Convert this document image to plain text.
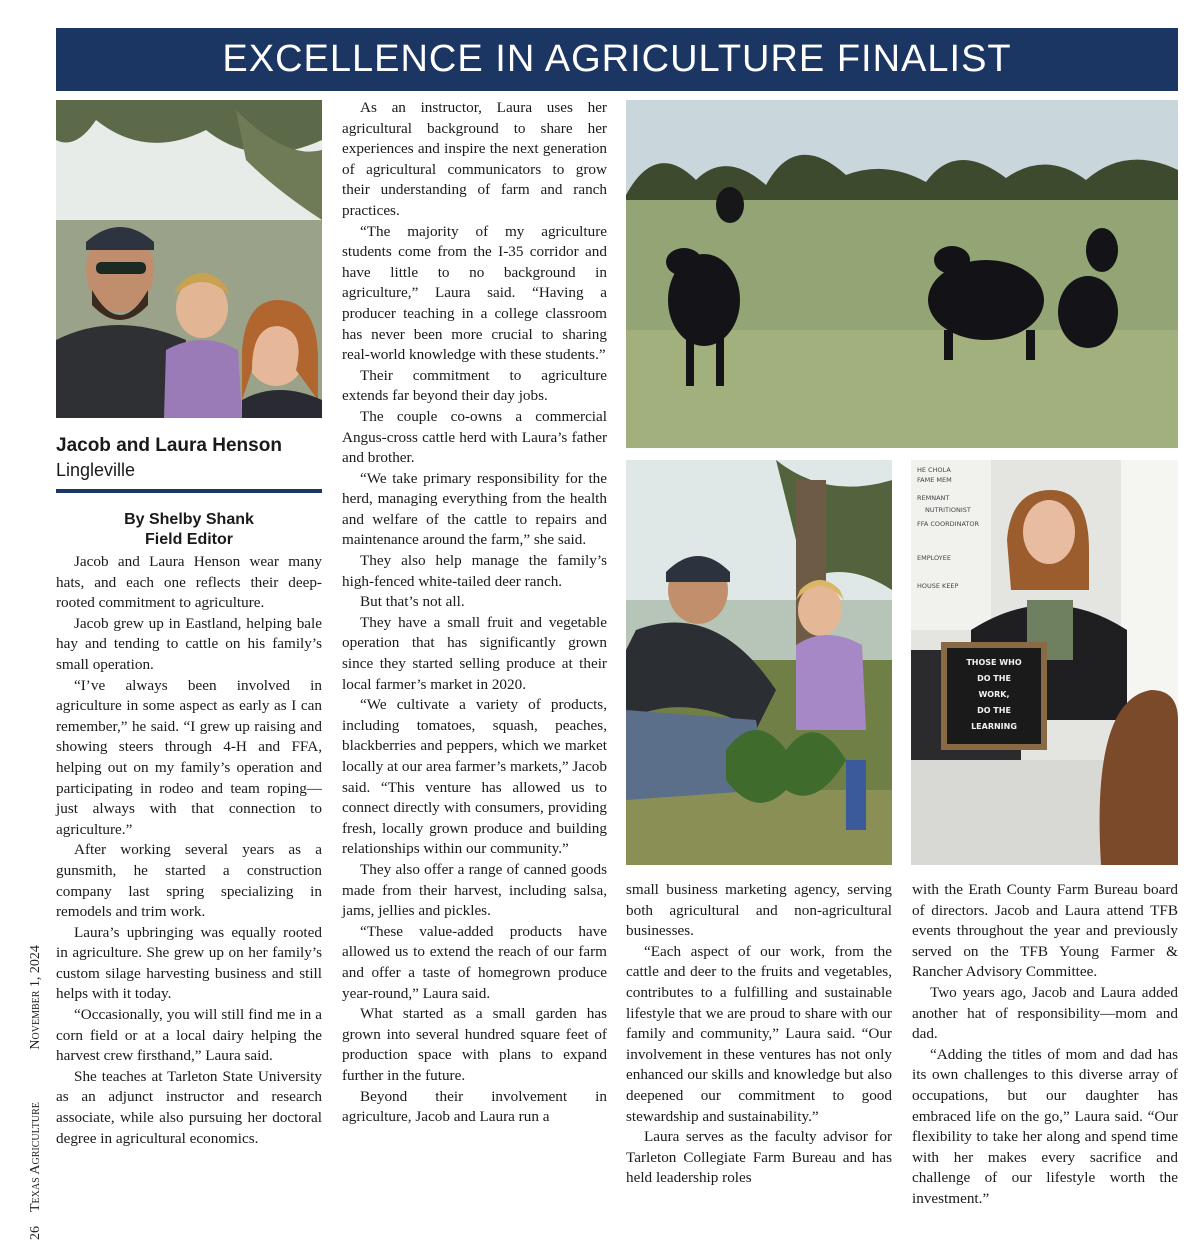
EXCELLENCE IN AGRICULTURE FINALIST
Jacob and Laura Henson
Lingleville
By Shelby Shank
Field Editor

Jacob and Laura Henson wear many hats, and each one reflects their deep-rooted commitment to agriculture.

Jacob grew up in Eastland, helping bale hay and tending to cattle on his family’s small operation.

“I’ve always been involved in agriculture in some aspect as early as I can remember,” he said. “I grew up raising and showing steers through 4-H and FFA, helping out on my family’s operation and participating in rodeo and team roping—just always with that connection to agriculture.”

After working several years as a gunsmith, he started a construction company last spring specializing in remodels and trim work.

Laura’s upbringing was equally rooted in agriculture. She grew up on her family’s custom silage harvesting business and still helps with it today.

“Occasionally, you will still find me in a corn field or at a local dairy helping the harvest crew firsthand,” Laura said.

She teaches at Tarleton State University as an adjunct instructor and research associate, while also pursuing her doctoral degree in agricultural economics.

As an instructor, Laura uses her agricultural background to share her experiences and inspire the next generation of agricultural communicators to grow their understanding of farm and ranch practices.

“The majority of my agriculture students come from the I-35 corridor and have little to no background in agriculture,” Laura said. “Having a producer teaching in a college classroom has never been more crucial to sharing real-world knowledge with these students.”

Their commitment to agriculture extends far beyond their day jobs.

The couple co-owns a commercial Angus-cross cattle herd with Laura’s father and brother.

“We take primary responsibility for the herd, managing everything from the health and welfare of the cattle to repairs and maintenance around the farm,” she said.

They also help manage the family’s high-fenced white-tailed deer ranch.

But that’s not all.

They have a small fruit and vegetable operation that has significantly grown since they started selling produce at their local farmer’s market in 2020.

“We cultivate a variety of products, including tomatoes, squash, peaches, blackberries and peppers, which we market locally at our area farmer’s markets,” Jacob said. “This venture has allowed us to connect directly with consumers, providing fresh, locally grown produce and building relationships within our community.”

They also offer a range of canned goods made from their harvest, including salsa, jams, jellies and pickles.

“These value-added products have allowed us to extend the reach of our farm and offer a taste of homegrown produce year-round,” Laura said.

What started as a small garden has grown into several hundred square feet of production space with plans to expand further in the future.

Beyond their involvement in agriculture, Jacob and Laura run a

HE CHOLA
FAME MEM
REMNANT
NUTRITIONIST
FFA COORDINATOR
EMPLOYEE
HOUSE KEEP
THOSE WHO
DO THE
WORK,
DO THE
LEARNING

small business marketing agency, serving both agricultural and non-agricultural businesses.

“Each aspect of our work, from the cattle and deer to the fruits and vegetables, contributes to a fulfilling and sustainable lifestyle that we are proud to share with our family and community,” Laura said. “Our involvement in these ventures has not only enhanced our skills and knowledge but also deepened our commitment to good stewardship and sustainability.”

Laura serves as the faculty advisor for Tarleton Collegiate Farm Bureau and has held leadership roles

with the Erath County Farm Bureau board of directors. Jacob and Laura attend TFB events throughout the year and previously served on the TFB Young Farmer & Rancher Advisory Committee.

Two years ago, Jacob and Laura added another hat of responsibility—mom and dad.

“Adding the titles of mom and dad has its own challenges to this diverse array of occupations, but our daughter has embraced life on the go,” Laura said. “Our flexibility to take her along and spend time with her makes every sacrifice and challenge of our lifestyle worth the investment.”

26    Texas Agriculture               November 1, 2024
